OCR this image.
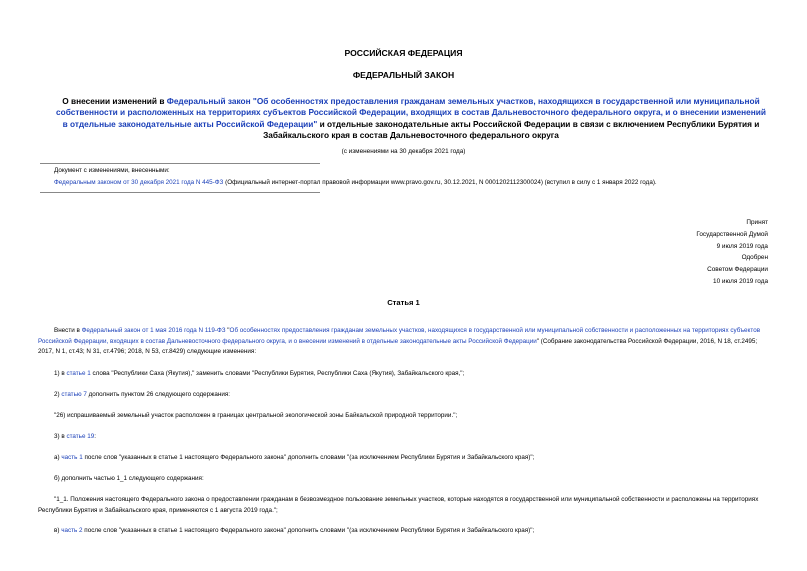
РОССИЙСКАЯ ФЕДЕРАЦИЯ
ФЕДЕРАЛЬНЫЙ ЗАКОН
О внесении изменений в Федеральный закон "Об особенностях предоставления гражданам земельных участков, находящихся в государственной или муниципальной собственности и расположенных на территориях субъектов Российской Федерации, входящих в состав Дальневосточного федерального округа, и о внесении изменений в отдельные законодательные акты Российской Федерации" и отдельные законодательные акты Российской Федерации в связи с включением Республики Бурятия и Забайкальского края в состав Дальневосточного федерального округа
(с изменениями на 30 декабря 2021 года)
Документ с изменениями, внесенными:
Федеральным законом от 30 декабря 2021 года N 445-ФЗ (Официальный интернет-портал правовой информации www.pravo.gov.ru, 30.12.2021, N 0001202112300024) (вступил в силу с 1 января 2022 года).
Принят
Государственной Думой
9 июля 2019 года
Одобрен
Советом Федерации
10 июля 2019 года
Статья 1
Внести в Федеральный закон от 1 мая 2016 года N 119-ФЗ "Об особенностях предоставления гражданам земельных участков, находящихся в государственной или муниципальной собственности и расположенных на территориях субъектов Российской Федерации, входящих в состав Дальневосточного федерального округа, и о внесении изменений в отдельные законодательные акты Российской Федерации" (Собрание законодательства Российской Федерации, 2016, N 18, ст.2495; 2017, N 1, ст.43; N 31, ст.4796; 2018, N 53, ст.8429) следующие изменения:
1) в статье 1 слова "Республики Саха (Якутия)," заменить словами "Республики Бурятия, Республики Саха (Якутия), Забайкальского края,";
2) статью 7 дополнить пунктом 26 следующего содержания:
"26) испрашиваемый земельный участок расположен в границах центральной экологической зоны Байкальской природной территории.";
3) в статье 19:
а) часть 1 после слов "указанных в статье 1 настоящего Федерального закона" дополнить словами "(за исключением Республики Бурятия и Забайкальского края)";
б) дополнить частью 1_1 следующего содержания:
"1_1. Положения настоящего Федерального закона о предоставлении гражданам в безвозмездное пользование земельных участков, которые находятся в государственной или муниципальной собственности и расположены на территориях Республики Бурятия и Забайкальского края, применяются с 1 августа 2019 года.";
в) часть 2 после слов "указанных в статье 1 настоящего Федерального закона" дополнить словами "(за исключением Республики Бурятия и Забайкальского края)";
